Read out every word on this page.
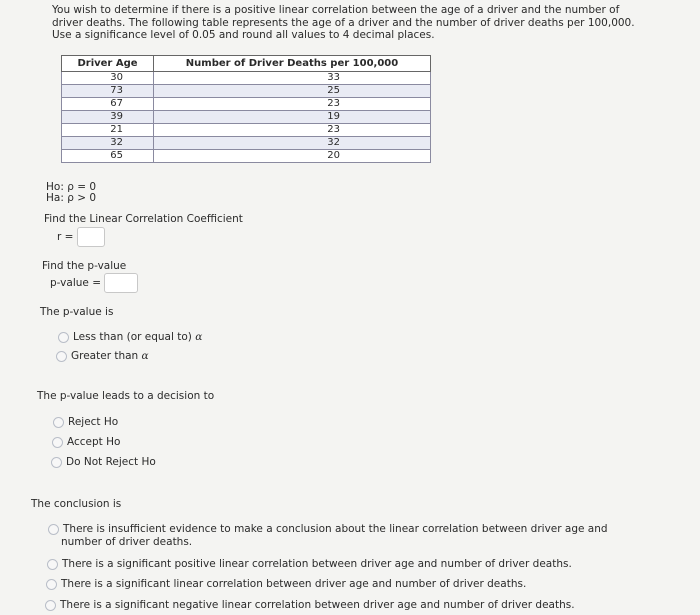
You wish to determine if there is a positive linear correlation between the age of a driver and the number of
driver deaths. The following table represents the age of a driver and the number of driver deaths per 100,000.
Use a significance level of 0.05 and round all values to 4 decimal places.
Driver Age	Number of Driver Deaths per 100,000
30	33
73	25
67	23
39	19
21	23
32	32
65	20
Ho: ρ = 0
Ha: ρ > 0
Find the Linear Correlation Coefficient
r =
Find the p-value
p-value =
The p-value is
Less than (or equal to) α
Greater than α
The p-value leads to a decision to
Reject Ho
Accept Ho
Do Not Reject Ho
The conclusion is
There is insufficient evidence to make a conclusion about the linear correlation between driver age and
number of driver deaths.
There is a significant positive linear correlation between driver age and number of driver deaths.
There is a significant linear correlation between driver age and number of driver deaths.
There is a significant negative linear correlation between driver age and number of driver deaths.
